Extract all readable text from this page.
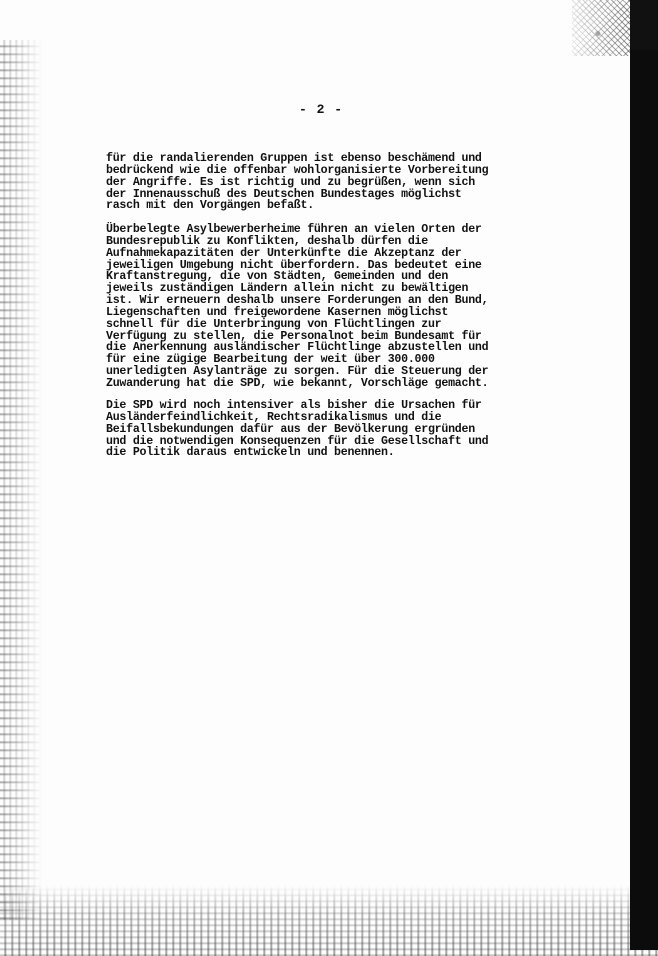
- 2 -
für die randalierenden Gruppen ist ebenso beschämend und
bedrückend wie die offenbar wohlorganisierte Vorbereitung
der Angriffe. Es ist richtig und zu begrüßen, wenn sich
der Innenausschuß des Deutschen Bundestages möglichst
rasch mit den Vorgängen befaßt.
Überbelegte Asylbewerberheime führen an vielen Orten der
Bundesrepublik zu Konflikten, deshalb dürfen die
Aufnahmekapazitäten der Unterkünfte die Akzeptanz der
jeweiligen Umgebung nicht überfordern. Das bedeutet eine
Kraftanstregung, die von Städten, Gemeinden und den
jeweils zuständigen Ländern allein nicht zu bewältigen
ist. Wir erneuern deshalb unsere Forderungen an den Bund,
Liegenschaften und freigewordene Kasernen möglichst
schnell für die Unterbringung von Flüchtlingen zur
Verfügung zu stellen, die Personalnot beim Bundesamt für
die Anerkennung ausländischer Flüchtlinge abzustellen und
für eine zügige Bearbeitung der weit über 300.000
unerledigten Asylanträge zu sorgen. Für die Steuerung der
Zuwanderung hat die SPD, wie bekannt, Vorschläge gemacht.
Die SPD wird noch intensiver als bisher die Ursachen für
Ausländerfeindlichkeit, Rechtsradikalismus und die
Beifallsbekundungen dafür aus der Bevölkerung ergründen
und die notwendigen Konsequenzen für die Gesellschaft und
die Politik daraus entwickeln und benennen.
